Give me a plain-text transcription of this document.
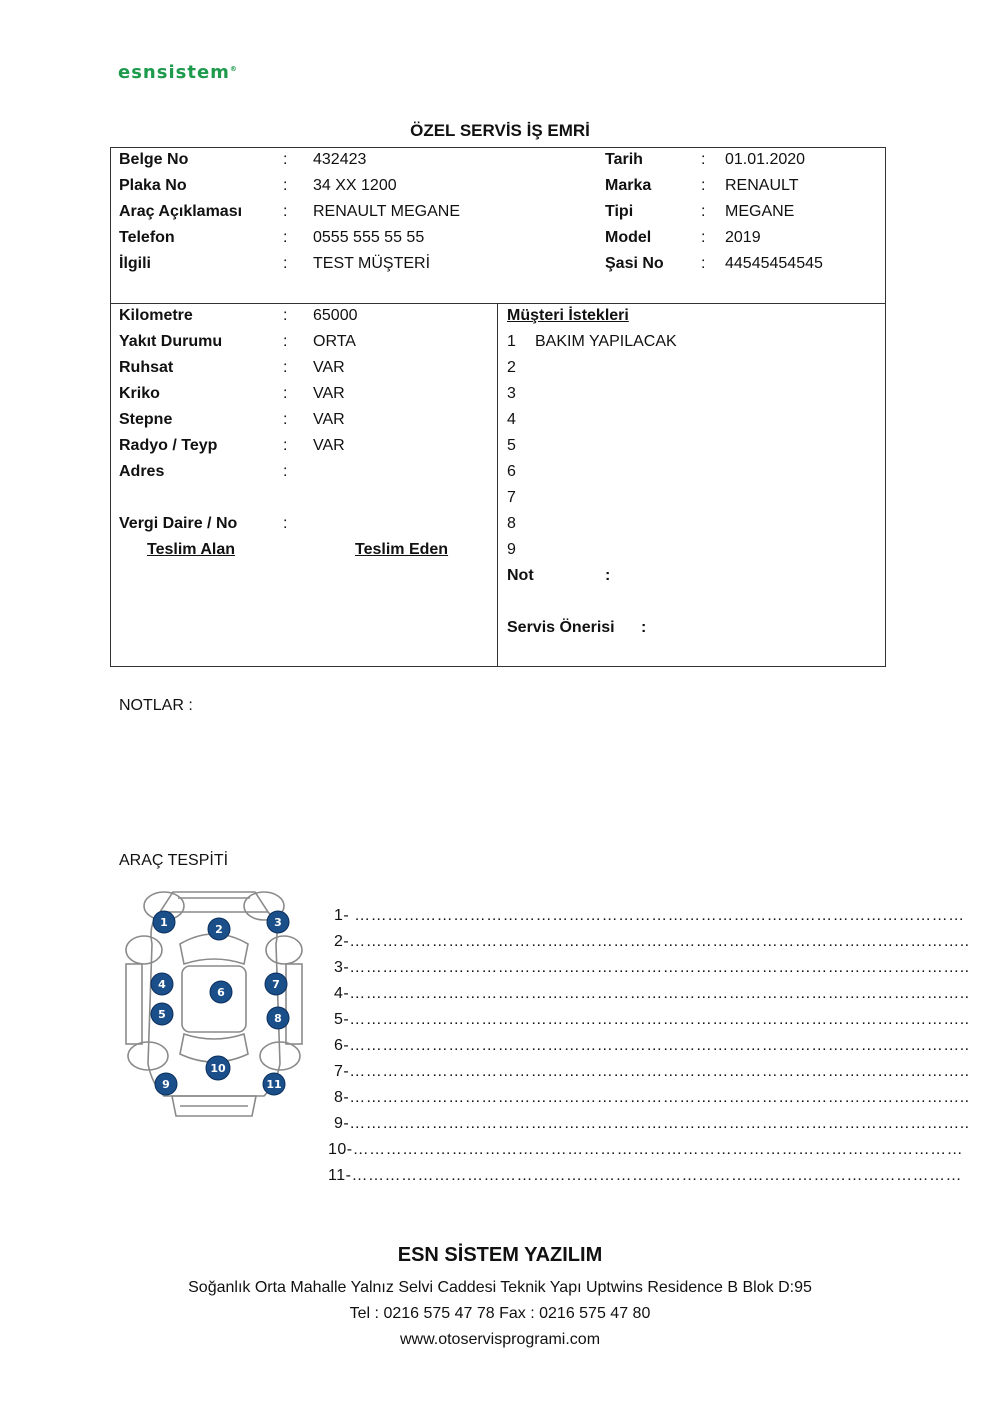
esnsistem®
ÖZEL SERVİS İŞ EMRİ
Belge No	: 432423
Plaka No	: 34 XX 1200
Araç Açıklaması	: RENAULT MEGANE
Telefon	: 0555 555 55 55
İlgili	: TEST MÜŞTERİ
Tarih	: 01.01.2020
Marka	: RENAULT
Tipi	: MEGANE
Model	: 2019
Şasi No : 44545454545
Kilometre	: 65000
Yakıt Durumu	: ORTA
Ruhsat	: VAR
Kriko	: VAR
Stepne	: VAR
Radyo / Teyp	: VAR
Adres	:
Vergi Daire / No	:
Teslim Alan	Teslim Eden
Müşteri İstekleri
1 BAKIM YAPILACAK
2
3
4
5
6
7
8
9
Not	:
Servis Önerisi :
NOTLAR :
ARAÇ TESPİTİ
1
2
3
4
5
6
7
8
9
10
11
1- …………………………………………………………………………………………………
2-…………………………………………………………………………………………………..
3-…………………………………………………………………………………………………..
4-…………………………………………………………………………………………………..
5-…………………………………………………………………………………………………..
6-…………………………………………………………………………………………………..
7-…………………………………………………………………………………………………..
8-…………………………………………………………………………………………………..
9-…………………………………………………………………………………………………..
10-…………………………………………………………………………………………………
11-…………………………………………………………………………………………………
ESN SİSTEM YAZILIM
Soğanlık Orta Mahalle Yalnız Selvi Caddesi Teknik Yapı Uptwins Residence B Blok D:95
Tel : 0216 575 47 78 Fax : 0216 575 47 80
www.otoservisprogrami.com
